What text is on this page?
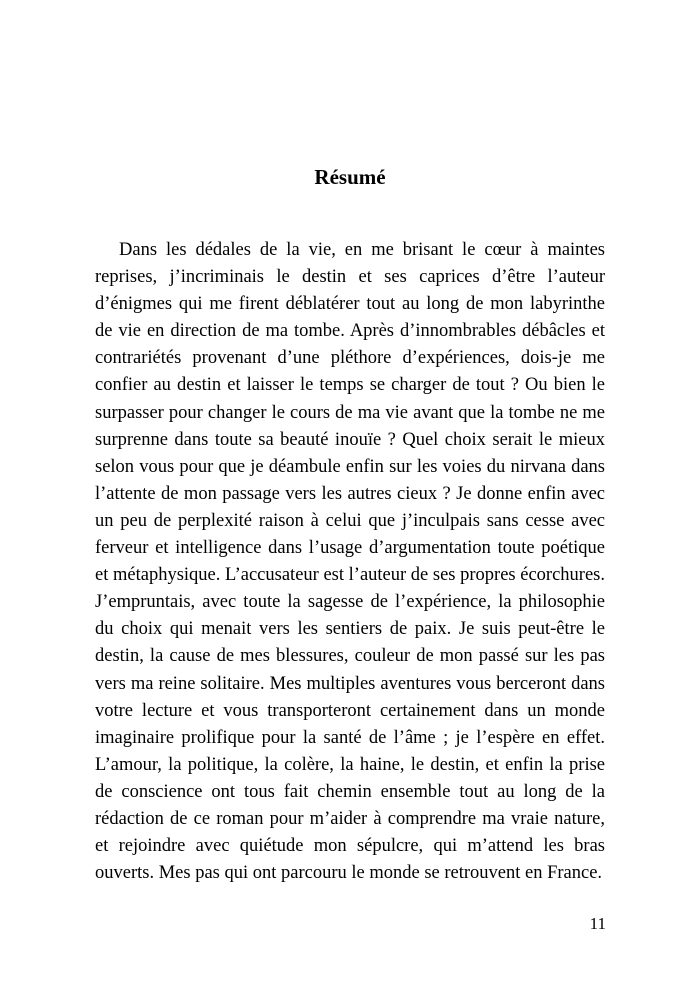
Résumé

Dans les dédales de la vie, en me brisant le cœur à maintes reprises, j’incriminais le destin et ses caprices d’être l’auteur d’énigmes qui me firent déblatérer tout au long de mon labyrinthe de vie en direction de ma tombe. Après d’innombrables débâcles et contrariétés provenant d’une pléthore d’expériences, dois-je me confier au destin et laisser le temps se charger de tout ? Ou bien le surpasser pour changer le cours de ma vie avant que la tombe ne me surprenne dans toute sa beauté inouïe ? Quel choix serait le mieux selon vous pour que je déambule enfin sur les voies du nirvana dans l’attente de mon passage vers les autres cieux ? Je donne enfin avec un peu de perplexité raison à celui que j’inculpais sans cesse avec ferveur et intelligence dans l’usage d’argumentation toute poétique et métaphysique. L’accusateur est l’auteur de ses propres écorchures. J’empruntais, avec toute la sagesse de l’expérience, la philosophie du choix qui menait vers les sentiers de paix. Je suis peut-être le destin, la cause de mes blessures, couleur de mon passé sur les pas vers ma reine solitaire. Mes multiples aventures vous berceront dans votre lecture et vous transporteront certainement dans un monde imaginaire prolifique pour la santé de l’âme ; je l’espère en effet. L’amour, la politique, la colère, la haine, le destin, et enfin la prise de conscience ont tous fait chemin ensemble tout au long de la rédaction de ce roman pour m’aider à comprendre ma vraie nature, et rejoindre avec quiétude mon sépulcre, qui m’attend les bras ouverts. Mes pas qui ont parcouru le monde se retrouvent en France.

11
